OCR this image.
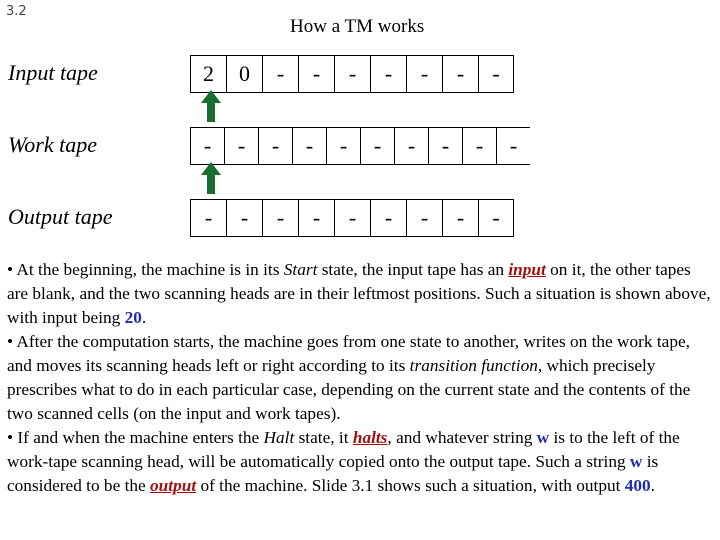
3.2
How a TM works
Input tape	2	0	-	-	-	-	-	-	-
Work tape	-	-	-	-	-	-	-	-	-	-
Output tape	-	-	-	-	-	-	-	-	-

• At the beginning, the machine is in its Start state, the input tape has an input on it, the other tapes are blank, and the two scanning heads are in their leftmost positions. Such a situation is shown above, with input being 20.

• After the computation starts, the machine goes from one state to another, writes on the work tape, and moves its scanning heads left or right according to its transition function, which precisely prescribes what to do in each particular case, depending on the current state and the contents of the two scanned cells (on the input and work tapes).

• If and when the machine enters the Halt state, it halts, and whatever string w is to the left of the work-tape scanning head, will be automatically copied onto the output tape. Such a string w is considered to be the output of the machine. Slide 3.1 shows such a situation, with output 400.
